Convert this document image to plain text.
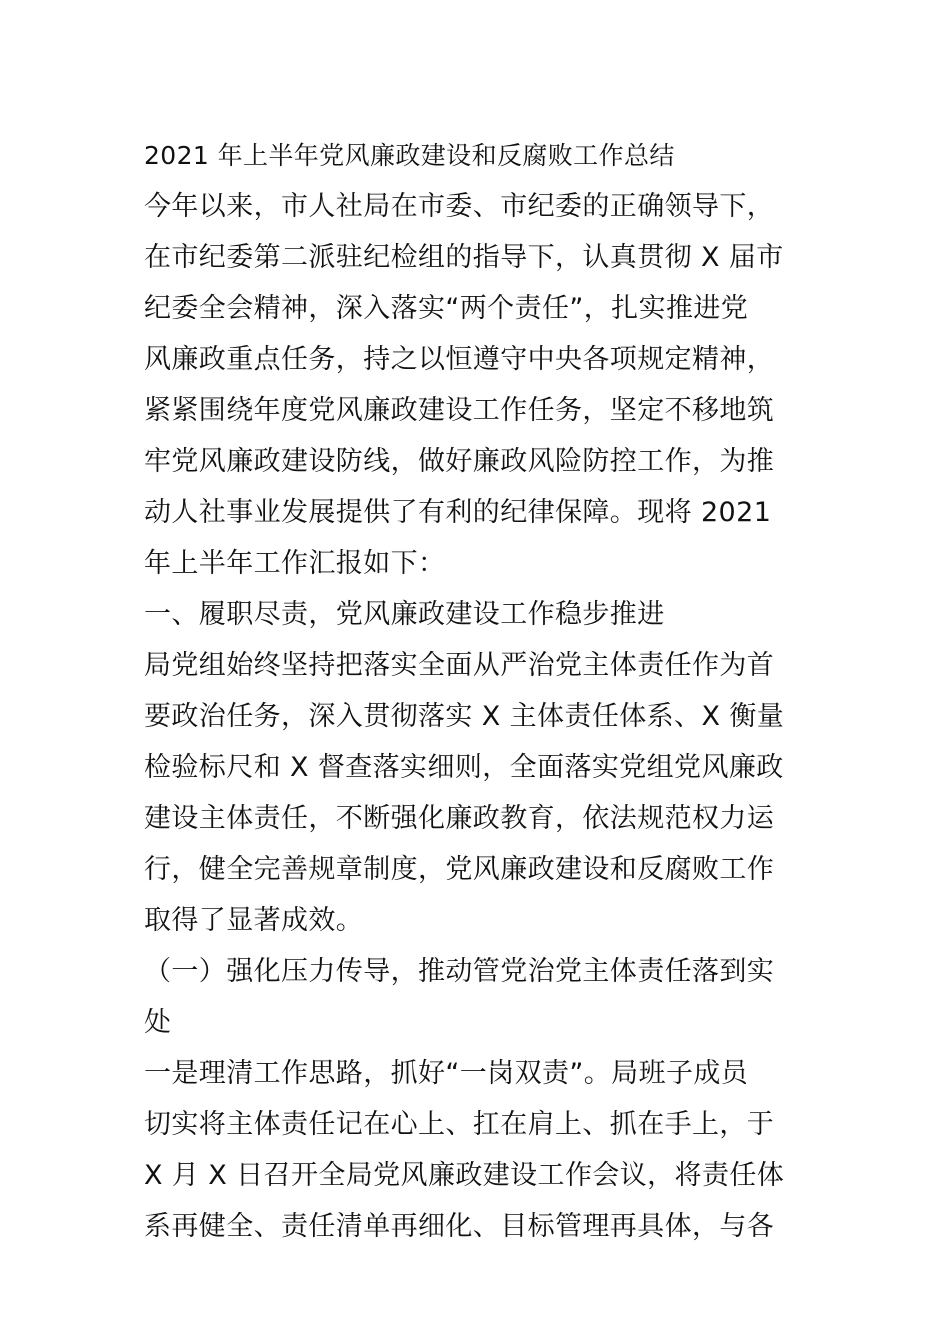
2021 年上半年党风廉政建设和反腐败工作总结
今年以来，市人社局在市委、市纪委的正确领导下，
在市纪委第二派驻纪检组的指导下，认真贯彻 X 届市
纪委全会精神，深入落实“两个责任”，扎实推进党
风廉政重点任务，持之以恒遵守中央各项规定精神，
紧紧围绕年度党风廉政建设工作任务，坚定不移地筑
牢党风廉政建设防线，做好廉政风险防控工作，为推
动人社事业发展提供了有利的纪律保障。现将 2021
年上半年工作汇报如下：
一、履职尽责，党风廉政建设工作稳步推进
局党组始终坚持把落实全面从严治党主体责任作为首
要政治任务，深入贯彻落实 X 主体责任体系、X 衡量
检验标尺和 X 督查落实细则，全面落实党组党风廉政
建设主体责任，不断强化廉政教育，依法规范权力运
行，健全完善规章制度，党风廉政建设和反腐败工作
取得了显著成效。
（一）强化压力传导，推动管党治党主体责任落到实
处
一是理清工作思路，抓好“一岗双责”。局班子成员
切实将主体责任记在心上、扛在肩上、抓在手上，于
X 月 X 日召开全局党风廉政建设工作会议，将责任体
系再健全、责任清单再细化、目标管理再具体，与各
